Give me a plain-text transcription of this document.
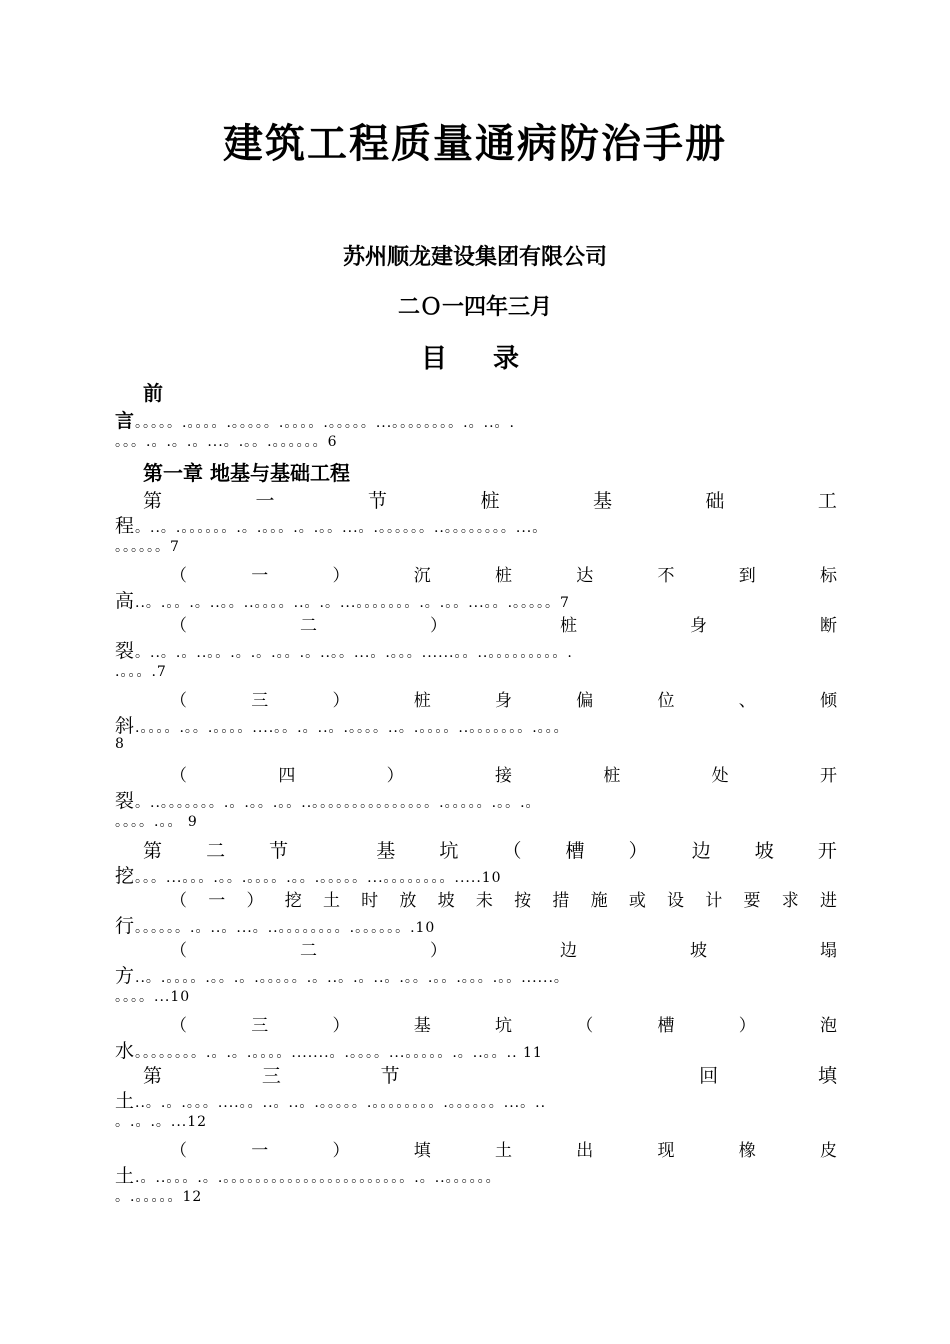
建筑工程质量通病防治手册
苏州顺龙建设集团有限公司
二Ｏ一四年三月
目　录
前
言。。。。。.。。。。.。。。。。.。。。。.。。。。。...。。。。。。。。.。..。.
。。。.。.。.。...。.。。.。。。。。。6
第一章 地基与基础工程
第	一	节	桩	基	础	工
程。..。.。。。。。。.。.。。。.。.。。...。.。。。。。。..。。。。。。。。...。
。。。。。。7
（	一	）	沉	桩	达	不	到	标
高..。.。。.。..。。..。。。。..。.。...。。。。。。。.。.。。...。。.。。。。。7
（	二	）	桩	身	断
裂。..。.。..。。.。.。.。。.。..。。...。.。。。......。。..。。。。。。。。。.
.。。。.7
（	三	）	桩	身	偏	位	、	倾
斜.。。。。.。。.。。。。....。。.。..。.。。。。..。.。。。。..。。。。。。。.。。。
8
（	四	）	接	桩	处	开
裂。..。。。。。。。.。.。。.。。..。。。。。。。。。。。。。。。.。。。。。.。。.。
。。。。.。。 9
第 二 节	基 坑 （ 槽 ） 边 坡 开
挖。。。...。。。.。。.。。。。.。。.。。。。。...。。。。。。。。.....10
（ 一 ） 挖 土 时 放 坡 未 按 措 施 或 设 计 要 求 进
行。。。。。。.。..。...。..。。。。。。。。.。。。。。。.10
（	二	）	边	坡	塌
方..。.。。。。.。。.。.。。。。。.。..。.。..。.。。.。。.。。。.。。......。
。。。。...10
（	三	）	基	坑	（	槽	）	泡
水。。。。。。。。.。.。.。。。。.......。.。。。。...。。。。。.。..。。.. 11
第	三	节	回	填
土..。.。.。。。....。。..。..。.。。。。。.。。。。。。。。.。。。。。。...。..
。.。.。...12
（	一	）	填	土	出	现	橡	皮
土.。..。。。.。.。。。。。。。。。。。。。。。。。。。。。。。.。..。。。。。。
。.。。。。。12
